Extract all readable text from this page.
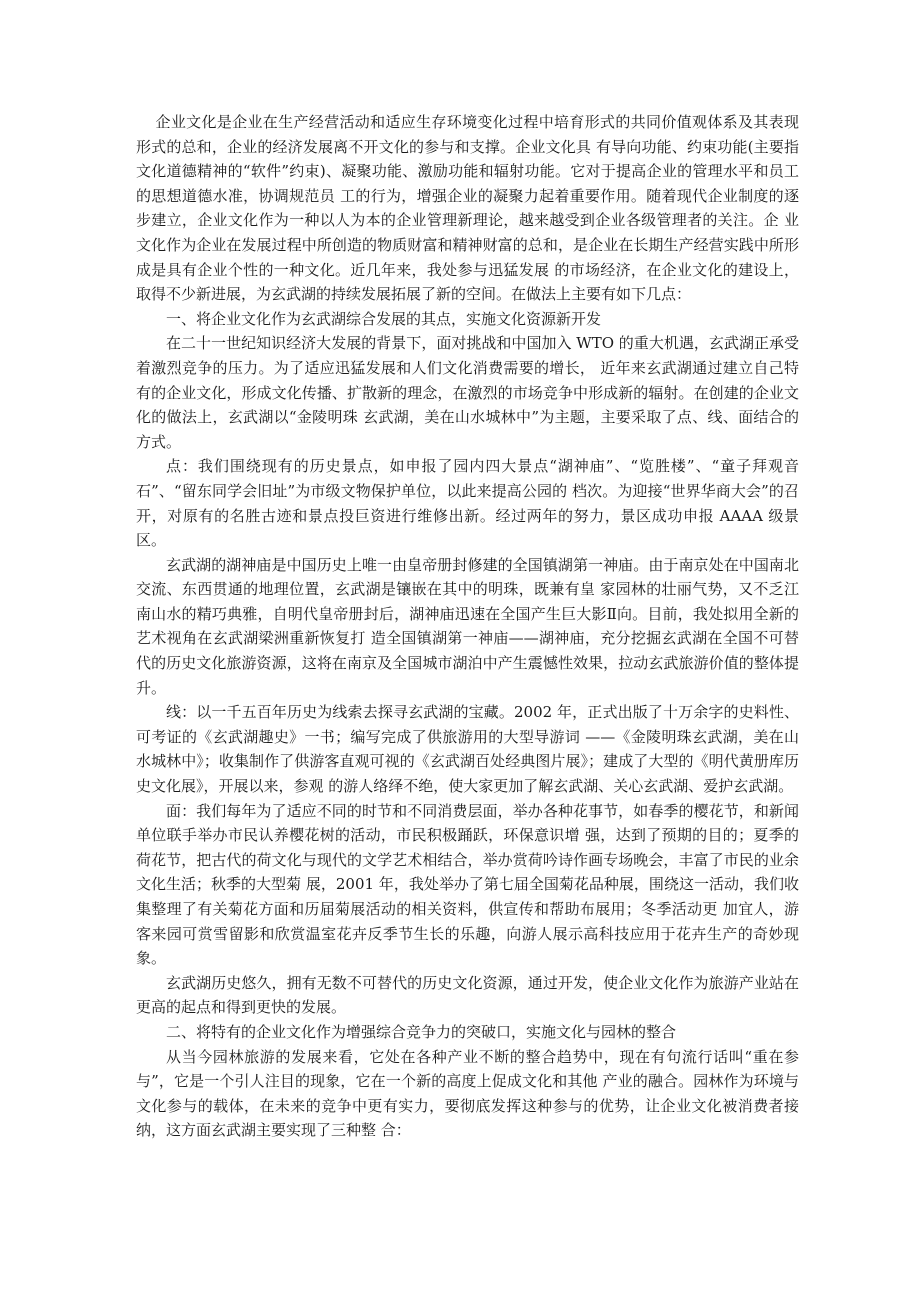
企业文化是企业在生产经营活动和适应生存环境变化过程中培育形式的共同价值观体系及其表现形式的总和，企业的经济发展离不开文化的参与和支撑。企业文化具 有导向功能、约束功能(主要指文化道德精神的“软件”约束)、凝聚功能、激励功能和辐射功能。它对于提高企业的管理水平和员工的思想道德水准，协调规范员 工的行为，增强企业的凝聚力起着重要作用。随着现代企业制度的逐步建立，企业文化作为一种以人为本的企业管理新理论，越来越受到企业各级管理者的关注。企 业文化作为企业在发展过程中所创造的物质财富和精神财富的总和，是企业在长期生产经营实践中所形成是具有企业个性的一种文化。近几年来，我处参与迅猛发展 的市场经济，在企业文化的建设上，取得不少新进展，为玄武湖的持续发展拓展了新的空间。在做法上主要有如下几点：

一、将企业文化作为玄武湖综合发展的其点，实施文化资源新开发

在二十一世纪知识经济大发展的背景下，面对挑战和中国加入 WTO 的重大机遇，玄武湖正承受着激烈竞争的压力。为了适应迅猛发展和人们文化消费需要的增长， 近年来玄武湖通过建立自己特有的企业文化，形成文化传播、扩散新的理念，在激烈的市场竞争中形成新的辐射。在创建的企业文化的做法上，玄武湖以“金陵明珠 玄武湖，美在山水城林中”为主题，主要采取了点、线、面结合的方式。

点：我们围绕现有的历史景点，如申报了园内四大景点“湖神庙”、“览胜楼”、“童子拜观音石”、“留东同学会旧址”为市级文物保护单位，以此来提高公园的 档次。为迎接“世界华商大会”的召开，对原有的名胜古迹和景点投巨资进行维修出新。经过两年的努力，景区成功申报 AAAA 级景区。

玄武湖的湖神庙是中国历史上唯一由皇帝册封修建的全国镇湖第一神庙。由于南京处在中国南北交流、东西贯通的地理位置，玄武湖是镶嵌在其中的明珠，既兼有皇 家园林的壮丽气势，又不乏江南山水的精巧典雅，自明代皇帝册封后，湖神庙迅速在全国产生巨大影Ⅱ向。目前，我处拟用全新的艺术视角在玄武湖梁洲重新恢复打 造全国镇湖第一神庙——湖神庙，充分挖掘玄武湖在全国不可替代的历史文化旅游资源，这将在南京及全国城市湖泊中产生震憾性效果，拉动玄武旅游价值的整体提 升。

线：以一千五百年历史为线索去探寻玄武湖的宝藏。2002 年，正式出版了十万余字的史料性、可考证的《玄武湖趣史》一书；编写完成了供旅游用的大型导游词 ——《金陵明珠玄武湖，美在山水城林中》；收集制作了供游客直观可视的《玄武湖百处经典图片展》；建成了大型的《明代黄册库历史文化展》，开展以来，参观 的游人络绎不绝，使大家更加了解玄武湖、关心玄武湖、爱护玄武湖。

面：我们每年为了适应不同的时节和不同消费层面，举办各种花事节，如春季的樱花节，和新闻单位联手举办市民认养樱花树的活动，市民积极踊跃，环保意识增 强，达到了预期的目的；夏季的荷花节，把古代的荷文化与现代的文学艺术相结合，举办赏荷吟诗作画专场晚会，丰富了市民的业余文化生活；秋季的大型菊 展，2001 年，我处举办了第七届全国菊花品种展，围绕这一活动，我们收集整理了有关菊花方面和历届菊展活动的相关资料，供宣传和帮助布展用；冬季活动更 加宜人，游客来园可赏雪留影和欣赏温室花卉反季节生长的乐趣，向游人展示高科技应用于花卉生产的奇妙现象。

玄武湖历史悠久，拥有无数不可替代的历史文化资源，通过开发，使企业文化作为旅游产业站在更高的起点和得到更快的发展。

二、将特有的企业文化作为增强综合竞争力的突破口，实施文化与园林的整合

从当今园林旅游的发展来看，它处在各种产业不断的整合趋势中，现在有句流行话叫“重在参与”，它是一个引人注目的现象，它在一个新的高度上促成文化和其他 产业的融合。园林作为环境与文化参与的载体，在未来的竞争中更有实力，要彻底发挥这种参与的优势，让企业文化被消费者接纳，这方面玄武湖主要实现了三种整 合：
